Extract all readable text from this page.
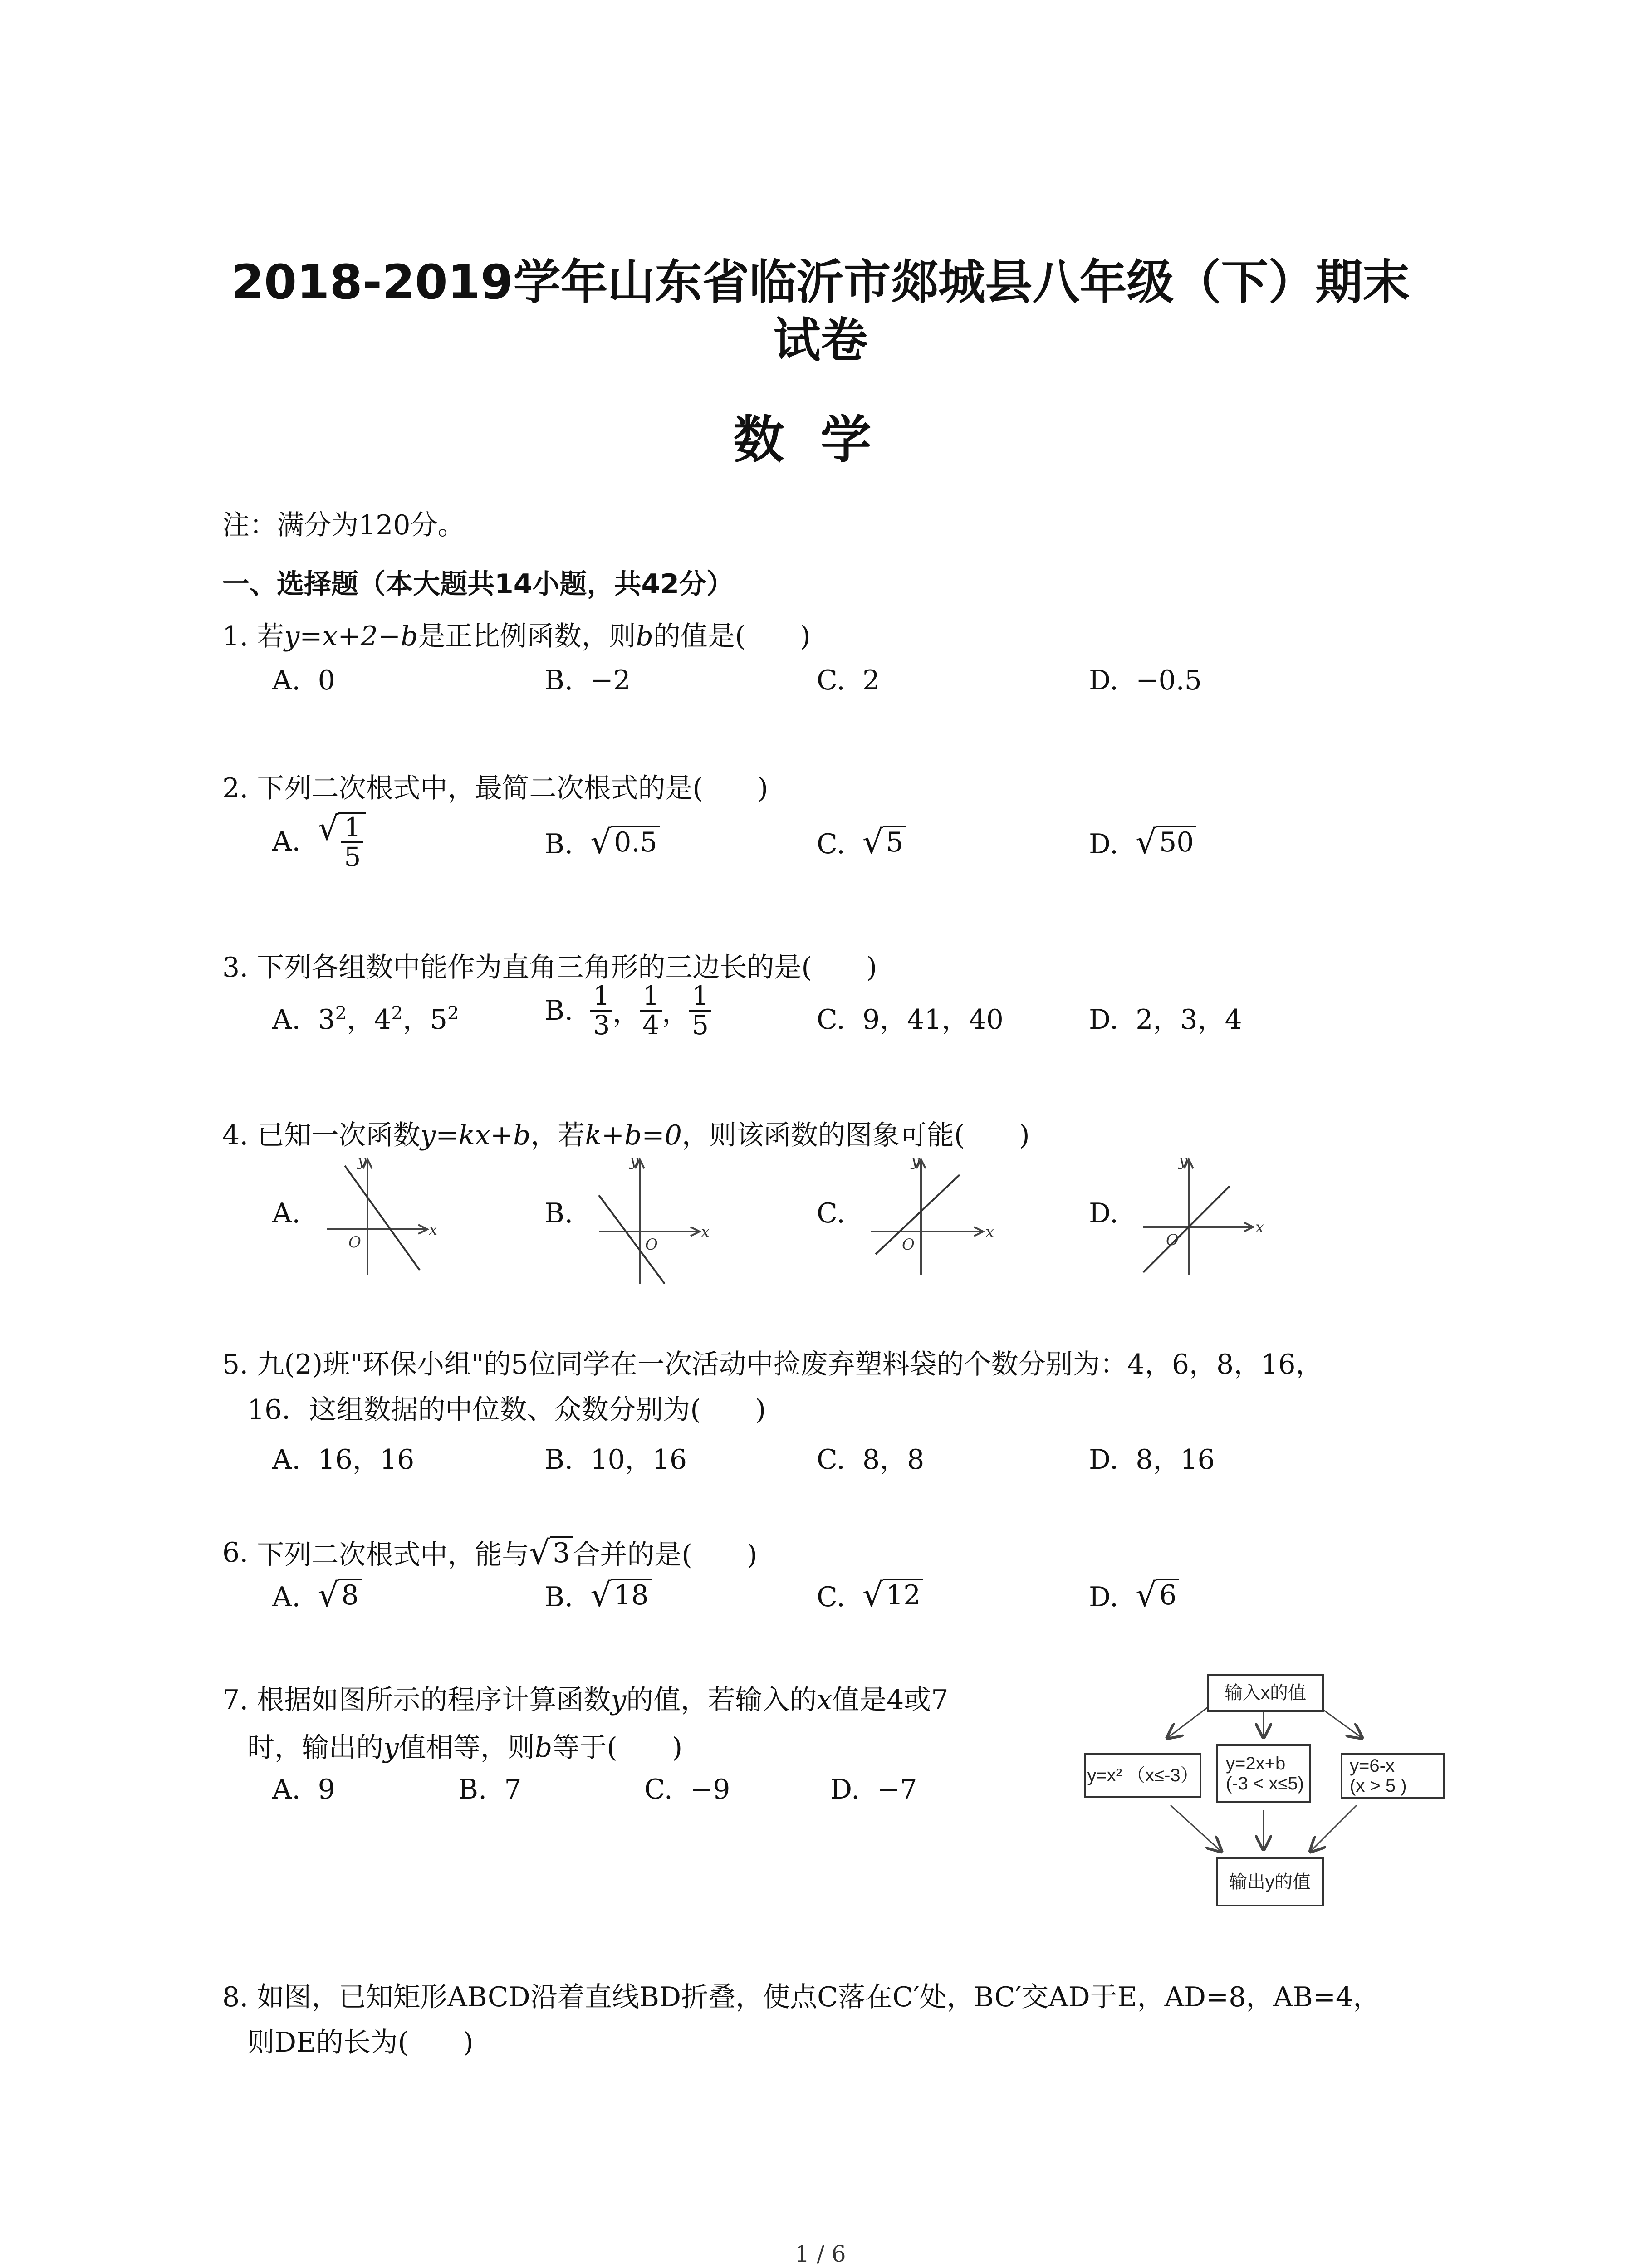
2018-2019学年山东省临沂市郯城县八年级（下）期末
试卷
数学
注：满分为120分。
一、选择题（本大题共14小题，共42分）
1. 若y=x+2−b是正比例函数，则b的值是(　　)
A. 0	B. −2	C. 2	D. −0.5
2. 下列二次根式中，最简二次根式的是(　　)
A.
√ $\frac{1}{5}$	B. √ 0.5	C. √ 5	D. √ 50
3. 下列各组数中能作为直角三角形的三边长的是(　　)
A. $3^2$，$4^2$，$5^2$	B.
$\frac{1}{3}$ ， $\frac{1}{4}$ ， $\frac{1}{5}$	C. 9，41，40	D. 2，3，4
4. 已知一次函数y=kx+b，若k+b=0，则该函数的图象可能(　　)
A.	B.	C.	D.
y
x
O
y
x
O
y
x
O
y
x
O
5. 九(2)班"环保小组"的5位同学在一次活动中捡废弃塑料袋的个数分别为：4，6，8，16，
16．这组数据的中位数、众数分别为(　　)
A. 16，16	B. 10，16	C. 8，8	D. 8，16
6.
下列二次根式中，能与 √ 3 合并的是(　　)
A. √ 8	B. √ 18	C. √ 12	D. √ 6
7. 根据如图所示的程序计算函数y的值，若输入的x值是4或7
时，输出的y值相等，则b等于(　　)
A. 9	B. 7	C. −9	D. −7
输入x的值
y=x² （x≤-3）
y=2x+b
(-3 < x≤5)
y=6-x
(x > 5 )
输出y的值
8. 如图，已知矩形ABCD沿着直线BD折叠，使点C落在C′处，BC′交AD于E，AD=8，AB=4，
则DE的长为(　　)
1 / 6
